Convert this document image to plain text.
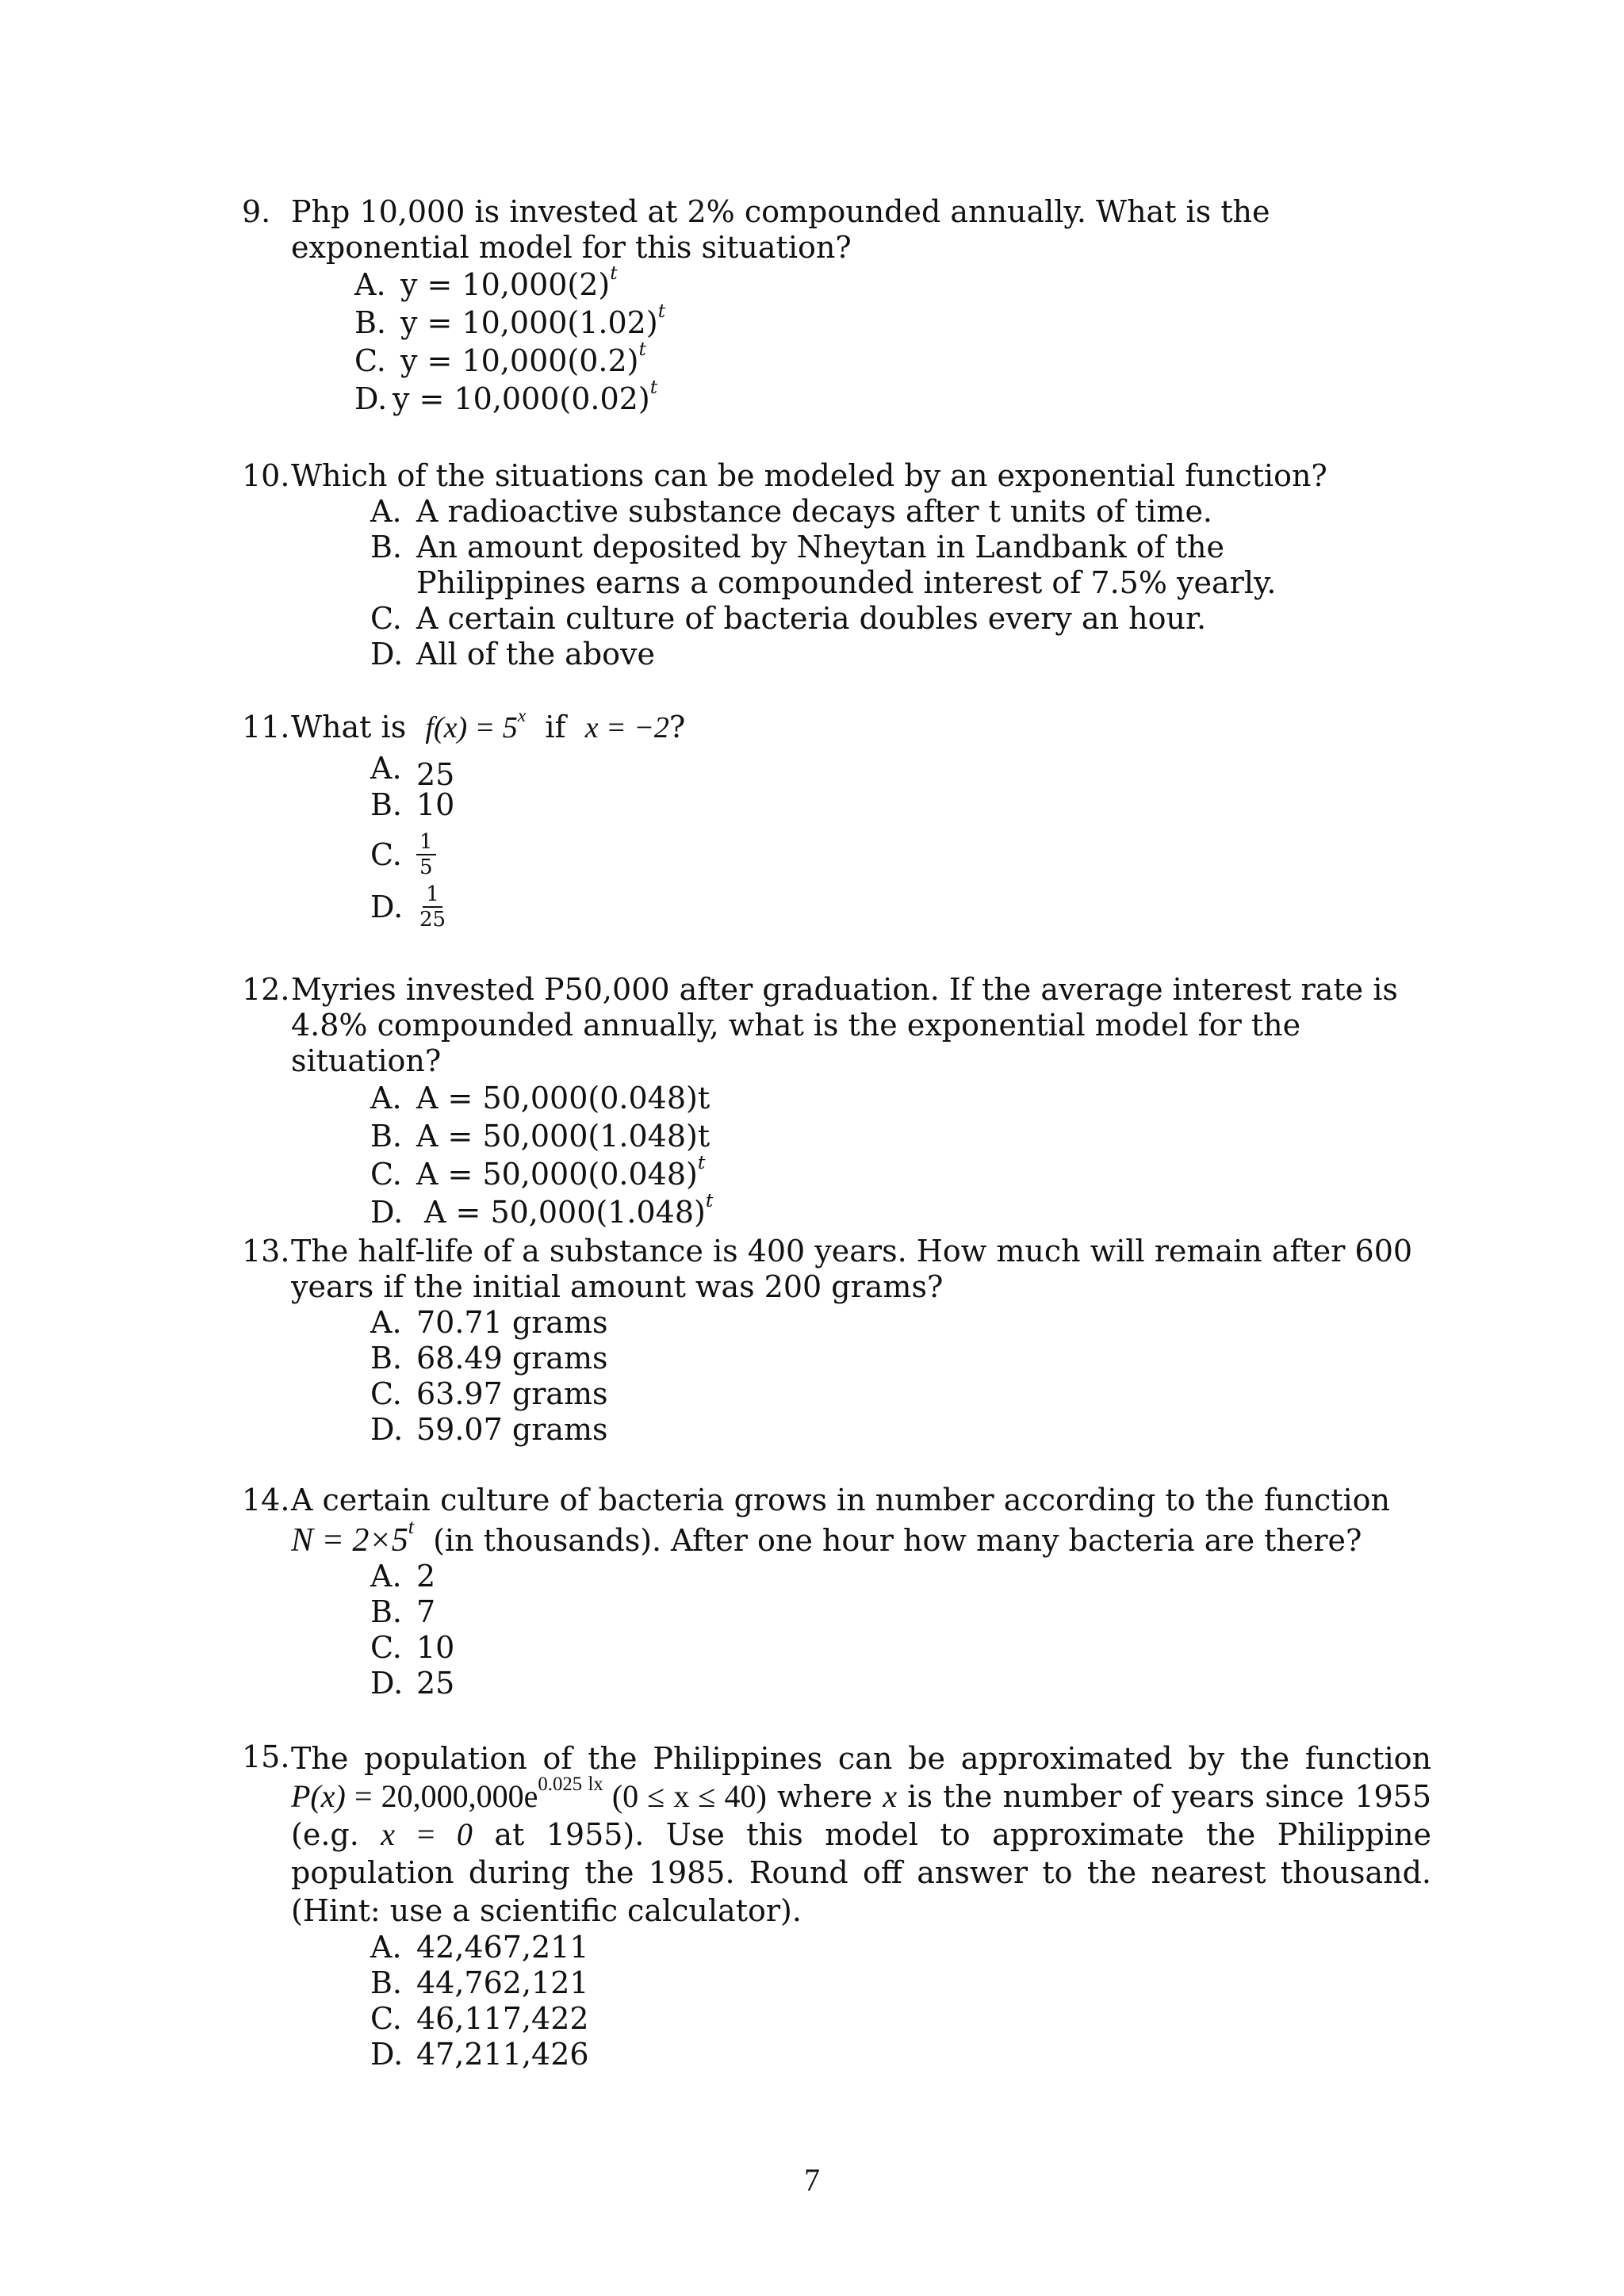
9. Php 10,000 is invested at 2% compounded annually. What is the exponential model for this situation?
A. $y = 10,000(2)^t$
B. $y = 10,000(1.02)^t$
C. $y = 10,000(0.2)^t$
D. $y = 10,000(0.02)^t$
10. Which of the situations can be modeled by an exponential function?
A. A radioactive substance decays after t units of time.
B. An amount deposited by Nheytan in Landbank of the Philippines earns a compounded interest of 7.5% yearly.
C. A certain culture of bacteria doubles every an hour.
D. All of the above
11. What is $f(x) = 5^x$ if x = −2?
A. 25
B. 10
C. $\frac{1}{5}$
D. $\frac{1}{25}$
12. Myries invested P50,000 after graduation. If the average interest rate is 4.8% compounded annually, what is the exponential model for the situation?
A. A = 50,000(0.048)t
B. A = 50,000(1.048)t
C. $A = 50,000(0.048)^t$
D. $A = 50,000(1.048)^t$
13. The half-life of a substance is 400 years. How much will remain after 600 years if the initial amount was 200 grams?
A. 70.71 grams
B. 68.49 grams
C. 63.97 grams
D. 59.07 grams
14. A certain culture of bacteria grows in number according to the function
$N = 2\times 5^t$ (in thousands). After one hour how many bacteria are there?
A. 2
B. 7
C. 10
D. 25
15. The population of the Philippines can be approximated by the function $P(x) = 20,000,000e^{0.025 lx}$ (0 ≤ x ≤ 40) where x is the number of years since 1955 (e.g. x = 0 at 1955). Use this model to approximate the Philippine population during the 1985. Round off answer to the nearest thousand. (Hint: use a scientific calculator).
A. 42,467,211
B. 44,762,121
C. 46,117,422
D. 47,211,426
7
